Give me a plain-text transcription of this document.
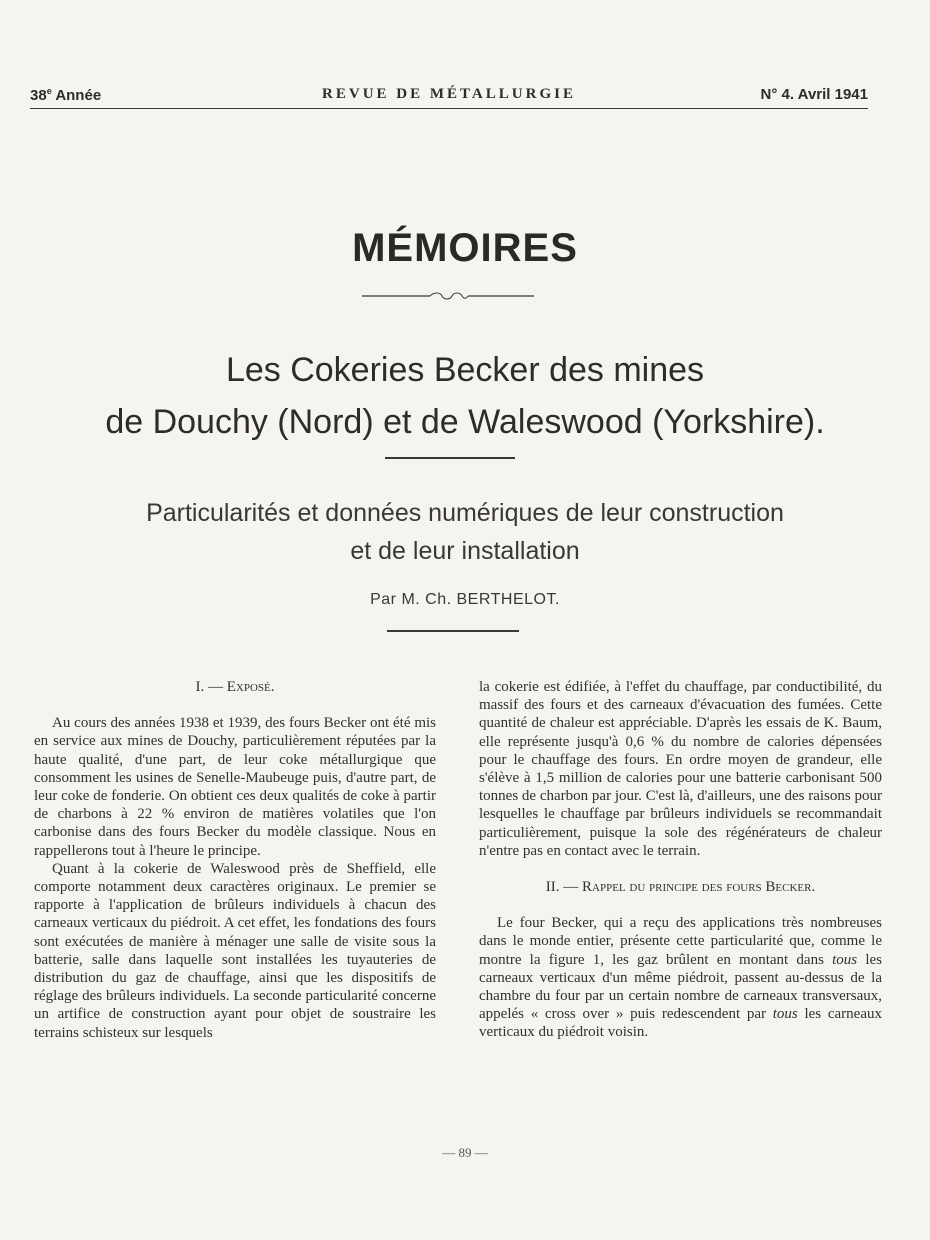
38e Année	REVUE DE MÉTALLURGIE	N° 4. Avril 1941
MÉMOIRES
Les Cokeries Becker des mines
de Douchy (Nord) et de Waleswood (Yorkshire).
Particularités et données numériques de leur construction
et de leur installation
Par M. Ch. BERTHELOT.

I. — Exposé.

Au cours des années 1938 et 1939, des fours Becker ont été mis en service aux mines de Douchy, particulièrement réputées par la haute qualité, d'une part, de leur coke métallurgique que consomment les usines de Senelle-Maubeuge puis, d'autre part, de leur coke de fonderie. On obtient ces deux qualités de coke à partir de charbons à 22 % environ de matières volatiles que l'on carbonise dans des fours Becker du modèle classique. Nous en rappellerons tout à l'heure le principe.

Quant à la cokerie de Waleswood près de Sheffield, elle comporte notamment deux caractères originaux. Le premier se rapporte à l'application de brûleurs individuels à chacun des carneaux verticaux du piédroit. A cet effet, les fondations des fours sont exécutées de manière à ménager une salle de visite sous la batterie, salle dans laquelle sont installées les tuyauteries de distribution du gaz de chauffage, ainsi que les dispositifs de réglage des brûleurs individuels. La seconde particularité concerne un artifice de construction ayant pour objet de soustraire les terrains schisteux sur lesquels

la cokerie est édifiée, à l'effet du chauffage, par conductibilité, du massif des fours et des carneaux d'évacuation des fumées. Cette quantité de chaleur est appréciable. D'après les essais de K. Baum, elle représente jusqu'à 0,6 % du nombre de calories dépensées pour le chauffage des fours. En ordre moyen de grandeur, elle s'élève à 1,5 million de calories pour une batterie carbonisant 500 tonnes de charbon par jour. C'est là, d'ailleurs, une des raisons pour lesquelles le chauffage par brûleurs individuels se recommandait particulièrement, puisque la sole des régénérateurs de chaleur n'entre pas en contact avec le terrain.

II. — Rappel du principe des fours Becker.

Le four Becker, qui a reçu des applications très nombreuses dans le monde entier, présente cette particularité que, comme le montre la figure 1, les gaz brûlent en montant dans tous les carneaux verticaux d'un même piédroit, passent au-dessus de la chambre du four par un certain nombre de carneaux transversaux, appelés « cross over » puis redescendent par tous les carneaux verticaux du piédroit voisin.

— 89 —
